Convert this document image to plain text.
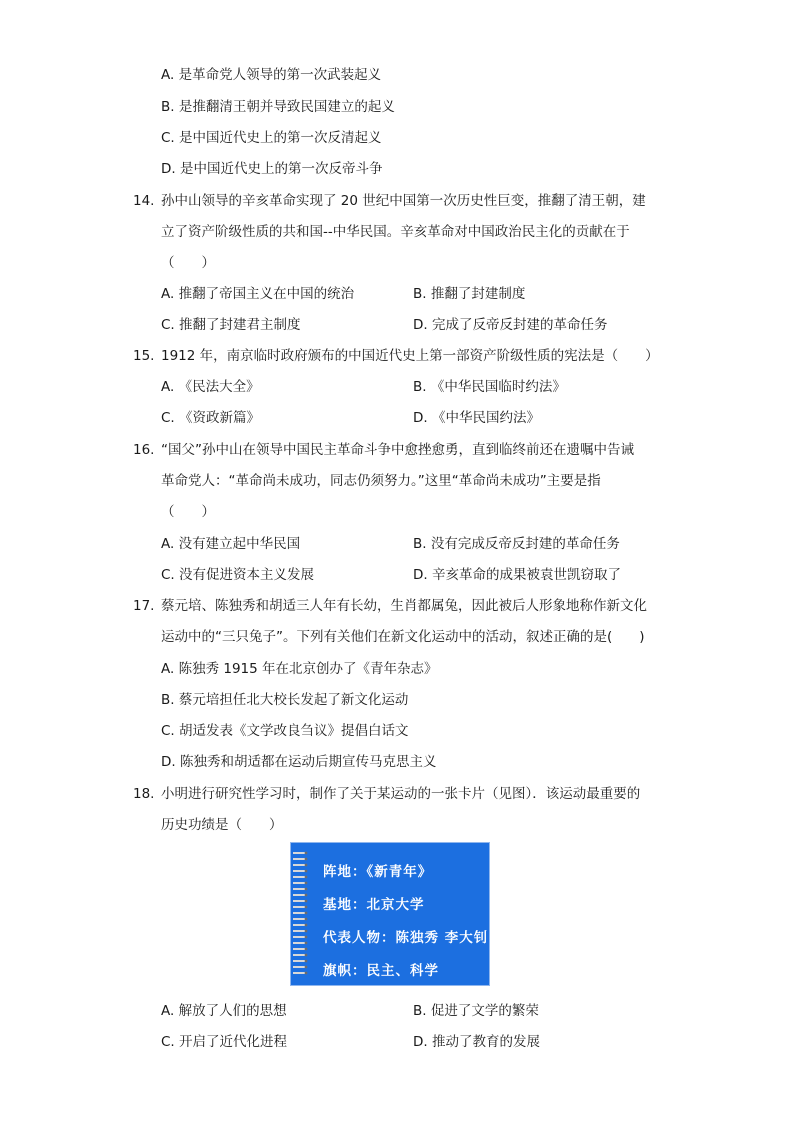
A. 是革命党人领导的第一次武装起义
B. 是推翻清王朝并导致民国建立的起义
C. 是中国近代史上的第一次反清起义
D. 是中国近代史上的第一次反帝斗争
14. 孙中山领导的辛亥革命实现了 20 世纪中国第一次历史性巨变，推翻了清王朝，建
立了资产阶级性质的共和国--中华民国。辛亥革命对中国政治民主化的贡献在于
（　　）
A. 推翻了帝国主义在中国的统治	B. 推翻了封建制度
C. 推翻了封建君主制度	D. 完成了反帝反封建的革命任务
15. 1912 年，南京临时政府颁布的中国近代史上第一部资产阶级性质的宪法是（　　）
A. 《民法大全》	B. 《中华民国临时约法》
C. 《资政新篇》	D. 《中华民国约法》
16. “国父”孙中山在领导中国民主革命斗争中愈挫愈勇，直到临终前还在遗嘱中告诫
革命党人：“革命尚未成功，同志仍须努力。”这里“革命尚未成功”主要是指
（　　）
A. 没有建立起中华民国	B. 没有完成反帝反封建的革命任务
C. 没有促进资本主义发展	D. 辛亥革命的成果被袁世凯窃取了
17. 蔡元培、陈独秀和胡适三人年有长幼，生肖都属兔，因此被后人形象地称作新文化
运动中的“三只兔子”。下列有关他们在新文化运动中的活动，叙述正确的是(　　)
A. 陈独秀 1915 年在北京创办了《青年杂志》
B. 蔡元培担任北大校长发起了新文化运动
C. 胡适发表《文学改良刍议》提倡白话文
D. 陈独秀和胡适都在运动后期宣传马克思主义
18. 小明进行研究性学习时，制作了关于某运动的一张卡片（见图）．该运动最重要的
历史功绩是（　　）
阵地：《新青年》
基地：北京大学
代表人物：陈独秀 李大钊
旗帜：民主、科学
A. 解放了人们的思想	B. 促进了文学的繁荣
C. 开启了近代化进程	D. 推动了教育的发展
